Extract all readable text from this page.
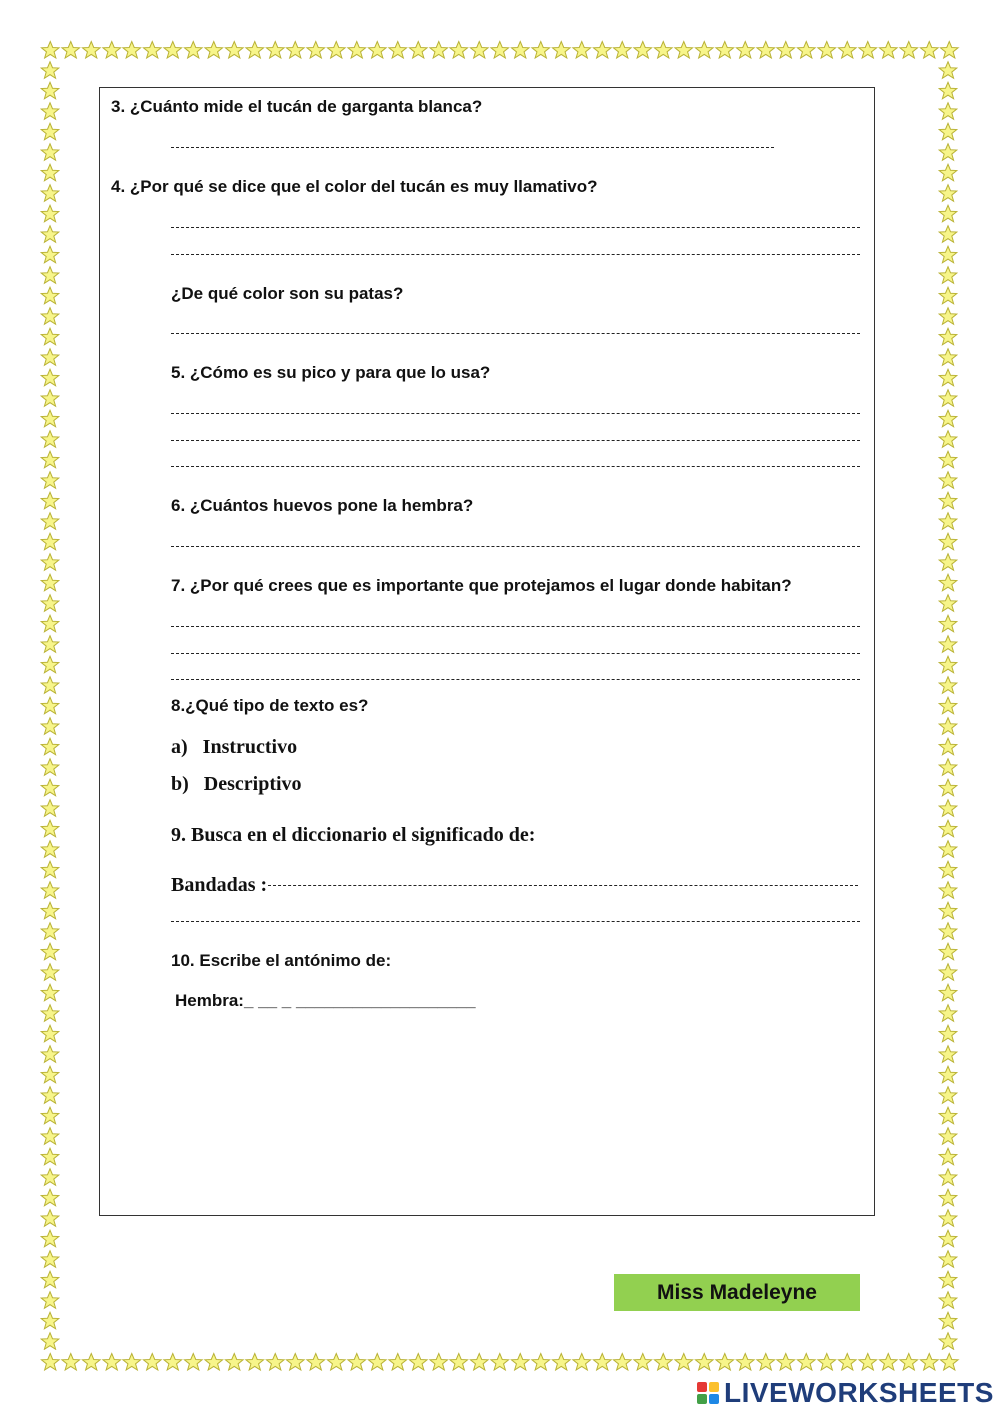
3. ¿Cuánto mide el tucán de garganta blanca?
4. ¿Por qué se dice que el color del tucán es muy llamativo?
¿De qué color son su patas?
5. ¿Cómo es su pico y para que lo usa?
6. ¿Cuántos huevos pone la hembra?
7. ¿Por qué crees que es importante que protejamos el lugar donde habitan?
8.¿Qué tipo de texto es?
a)   Instructivo
b)   Descriptivo
9. Busca en el diccionario el significado de:
Bandadas :
10. Escribe el antónimo de:
Hembra:_ __ _ ___________________
Miss Madeleyne
LIVEWORKSHEETS
